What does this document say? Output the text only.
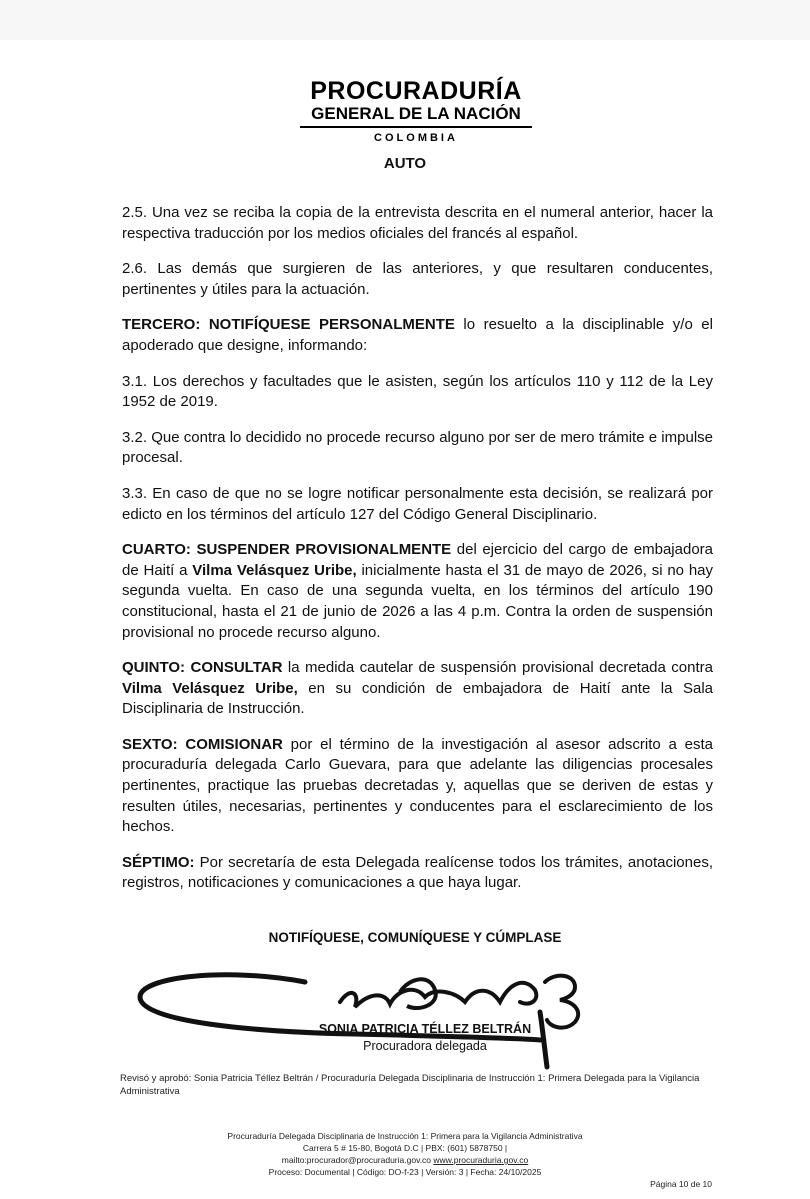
PROCURADURÍA
GENERAL DE LA NACIÓN
COLOMBIA
AUTO

2.5. Una vez se reciba la copia de la entrevista descrita en el numeral anterior, hacer la respectiva traducción por los medios oficiales del francés al español.

2.6. Las demás que surgieren de las anteriores, y que resultaren conducentes, pertinentes y útiles para la actuación.

TERCERO: NOTIFÍQUESE PERSONALMENTE lo resuelto a la disciplinable y/o el apoderado que designe, informando:

3.1. Los derechos y facultades que le asisten, según los artículos 110 y 112 de la Ley 1952 de 2019.

3.2. Que contra lo decidido no procede recurso alguno por ser de mero trámite e impulse procesal.

3.3. En caso de que no se logre notificar personalmente esta decisión, se realizará por edicto en los términos del artículo 127 del Código General Disciplinario.

CUARTO: SUSPENDER PROVISIONALMENTE del ejercicio del cargo de embajadora de Haití a Vilma Velásquez Uribe, inicialmente hasta el 31 de mayo de 2026, si no hay segunda vuelta. En caso de una segunda vuelta, en los términos del artículo 190 constitucional, hasta el 21 de junio de 2026 a las 4 p.m. Contra la orden de suspensión provisional no procede recurso alguno.

QUINTO: CONSULTAR la medida cautelar de suspensión provisional decretada contra Vilma Velásquez Uribe, en su condición de embajadora de Haití ante la Sala Disciplinaria de Instrucción.

SEXTO: COMISIONAR por el término de la investigación al asesor adscrito a esta procuraduría delegada Carlo Guevara, para que adelante las diligencias procesales pertinentes, practique las pruebas decretadas y, aquellas que se deriven de estas y resulten útiles, necesarias, pertinentes y conducentes para el esclarecimiento de los hechos.

SÉPTIMO: Por secretaría de esta Delegada realícense todos los trámites, anotaciones, registros, notificaciones y comunicaciones a que haya lugar.

NOTIFÍQUESE, COMUNÍQUESE Y CÚMPLASE
SONIA PATRICIA TÉLLEZ BELTRÁN
Procuradora delegada
Revisó y aprobó: Sonia Patricia Téllez Beltrán / Procuraduría Delegada Disciplinaria de Instrucción 1: Primera Delegada para la Vigilancia Administrativa
Procuraduría Delegada Disciplinaria de Instrucción 1: Primera para la Vigilancia Administrativa
Carrera 5 # 15-80, Bogotá D.C | PBX: (601) 5878750 |
mailto:procurador@procuraduria.gov.co www.procuraduria.gov.co
Proceso: Documental | Código: DO-f-23 | Versión: 3 | Fecha: 24/10/2025
Página 10 de 10
